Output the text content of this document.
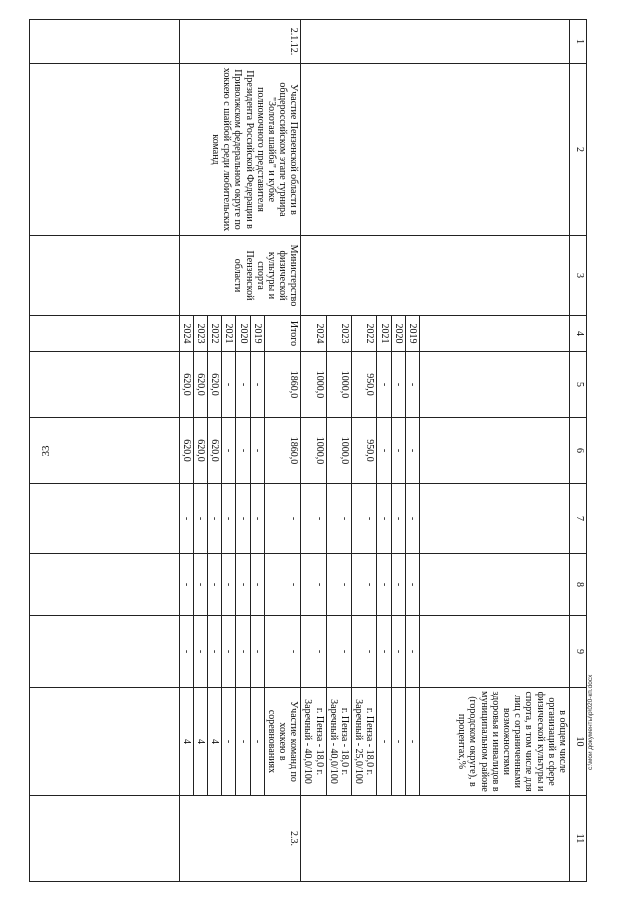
33
c:\мои документы\p\020-кп.docx
1	2	3	4	5	6	7	8	9	10	11
									в общем числе организаций в сфере физической культуры и спорта, в том числе для лиц с ограниченными возможностями здоровья и инвалидов в муниципальном районе (городском округе), в процентах,%	
			2019	-	-	-	-	-	-	
			2020	-	-	-	-	-	-	
			2021	-	-	-	-	-	-	
			2022	950,0	950,0	-	-	-	г. Пенза - 18,0 г. Заречный - 25,0/100	
			2023	1000,0	1000,0	-	-	-	г. Пенза - 18,0 г. Заречный - 40,0/100	
			2024	1000,0	1000,0	-	-	-	г. Пенза - 18,0 г. Заречный - 40,0/100	
2.1.12.	Участие Пензенской области в общероссийском этапе турнира "Золотая шайба" и кубке полномочного представителя Президента Российской Федерации в Приволжском федеральном округе по хоккею с шайбой среди любительских команд	Министерство физической культуры и спорта Пензенской области	Итого	1860,0	1860,0	-	-	-	Участие команд по хоккею в соревнованиях	2.3.
			2019	-	-	-	-	-	-	
			2020	-	-	-	-	-	-	
			2021	-	-	-	-	-	-	
			2022	620,0	620,0	-	-	-	4	
			2023	620,0	620,0	-	-	-	4	
			2024	620,0	620,0	-	-	-	4	
